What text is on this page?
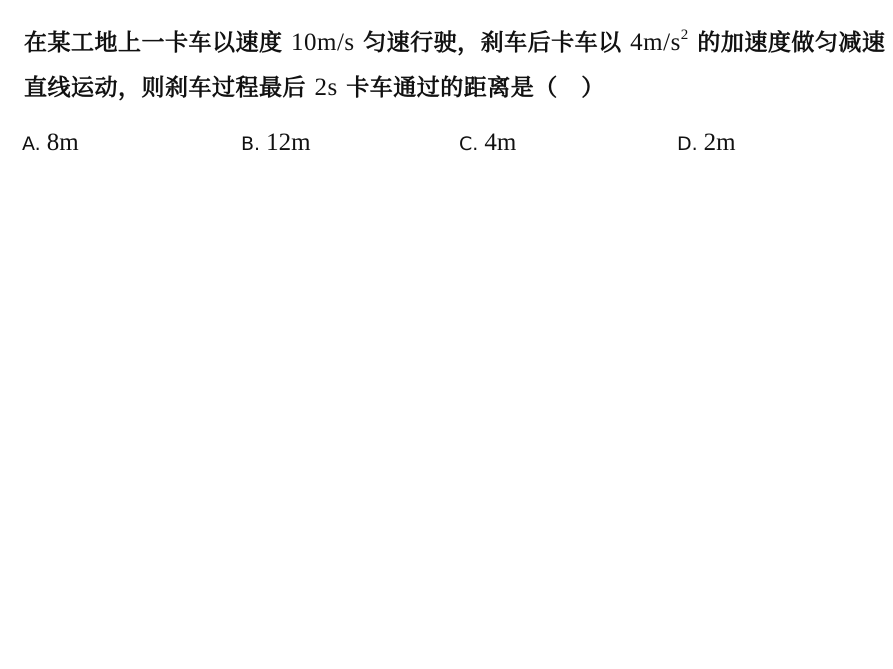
在某工地上一卡车以速度 10m/s 匀速行驶，刹车后卡车以 $4m/s^2$ 的加速度做匀减速直线运动，则刹车过程最后 2s 卡车通过的距离是（　）
A. 8m	B. 12m	C. 4m	D. 2m
